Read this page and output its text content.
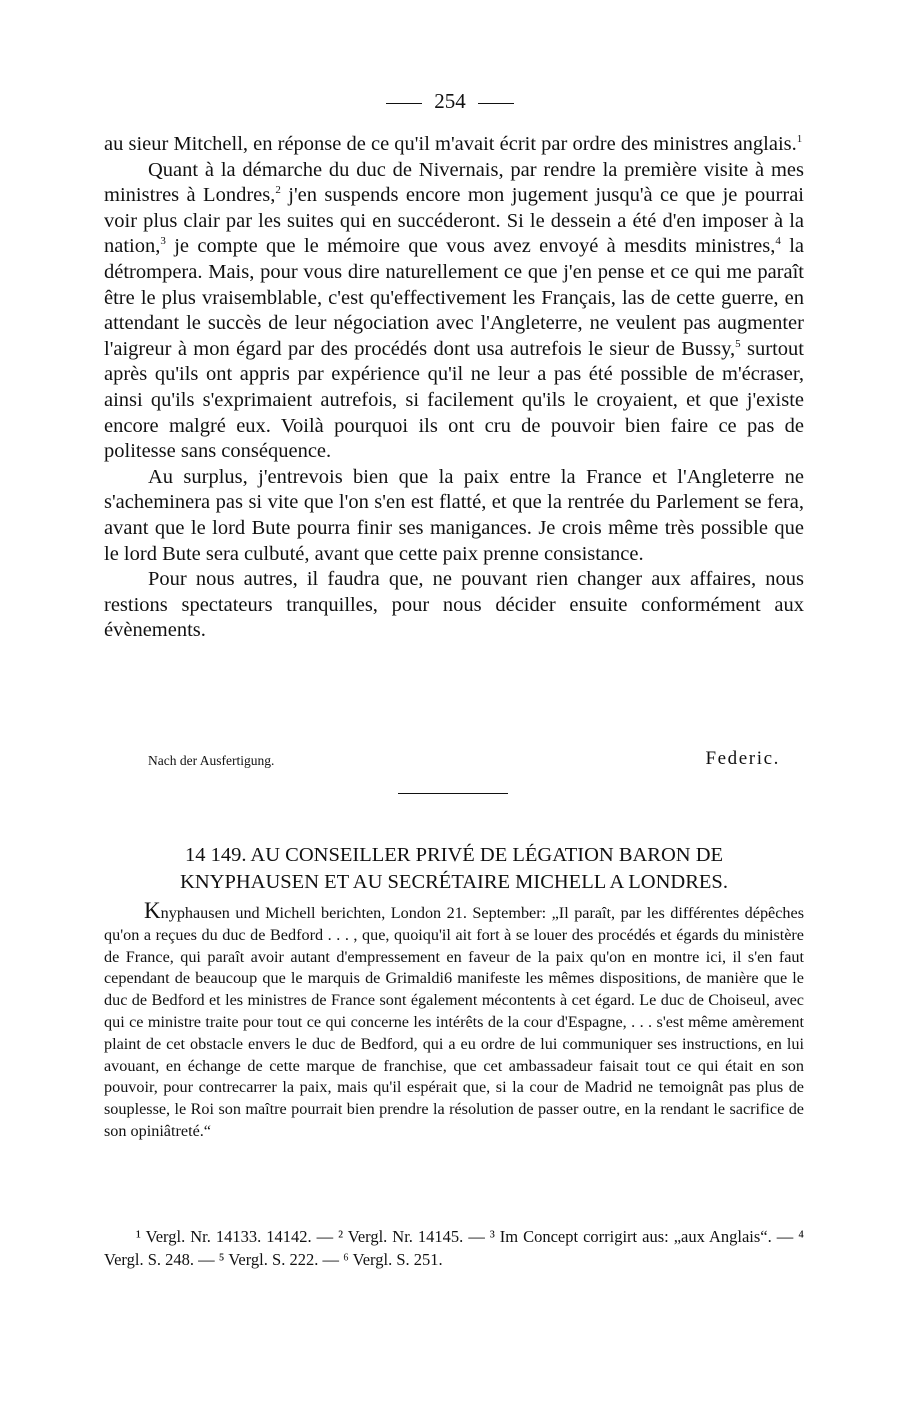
254

au sieur Mitchell, en réponse de ce qu'il m'avait écrit par ordre des ministres anglais.$^1$

Quant à la démarche du duc de Nivernais, par rendre la première visite à mes ministres à Londres,$^2$ j'en suspends encore mon jugement jusqu'à ce que je pourrai voir plus clair par les suites qui en succéderont. Si le dessein a été d'en imposer à la nation,$^3$ je compte que le mémoire que vous avez envoyé à mesdits ministres,$^4$ la détrompera. Mais, pour vous dire naturellement ce que j'en pense et ce qui me paraît être le plus vraisemblable, c'est qu'effectivement les Français, las de cette guerre, en attendant le succès de leur négociation avec l'Angleterre, ne veulent pas augmenter l'aigreur à mon égard par des procédés dont usa autrefois le sieur de Bussy,$^5$ surtout après qu'ils ont appris par expérience qu'il ne leur a pas été possible de m'écraser, ainsi qu'ils s'exprimaient autrefois, si facilement qu'ils le croyaient, et que j'existe encore malgré eux. Voilà pourquoi ils ont cru de pouvoir bien faire ce pas de politesse sans conséquence.

Au surplus, j'entrevois bien que la paix entre la France et l'Angleterre ne s'acheminera pas si vite que l'on s'en est flatté, et que la rentrée du Parlement se fera, avant que le lord Bute pourra finir ses manigances. Je crois même très possible que le lord Bute sera culbuté, avant que cette paix prenne consistance.

Pour nous autres, il faudra que, ne pouvant rien changer aux affaires, nous restions spectateurs tranquilles, pour nous décider ensuite conformément aux évènements.

Nach der Ausfertigung.	Federic.
14 149. AU CONSEILLER PRIVÉ DE LÉGATION BARON DE
KNYPHAUSEN ET AU SECRÉTAIRE MICHELL A LONDRES.

Knyphausen und Michell berichten, London 21. September: „Il paraît, par les différentes dépêches qu'on a reçues du duc de Bedford . . . , que, quoiqu'il ait fort à se louer des procédés et égards du ministère de France, qui paraît avoir autant d'empressement en faveur de la paix qu'on en montre ici, il s'en faut cependant de beaucoup que le marquis de Grimaldi6 manifeste les mêmes dispositions, de manière que le duc de Bedford et les ministres de France sont également mécontents à cet égard. Le duc de Choiseul, avec qui ce ministre traite pour tout ce qui concerne les intérêts de la cour d'Espagne, . . . s'est même amèrement plaint de cet obstacle envers le duc de Bedford, qui a eu ordre de lui communiquer ses instructions, en lui avouant, en échange de cette marque de franchise, que cet ambassadeur faisait tout ce qui était en son pouvoir, pour contrecarrer la paix, mais qu'il espérait que, si la cour de Madrid ne temoignât pas plus de souplesse, le Roi son maître pourrait bien prendre la résolution de passer outre, en la rendant le sacrifice de son opiniâtreté.“

¹ Vergl. Nr. 14133. 14142. — ² Vergl. Nr. 14145. — ³ Im Concept corrigirt aus: „aux Anglais“. — ⁴ Vergl. S. 248. — ⁵ Vergl. S. 222. — ⁶ Vergl. S. 251.
